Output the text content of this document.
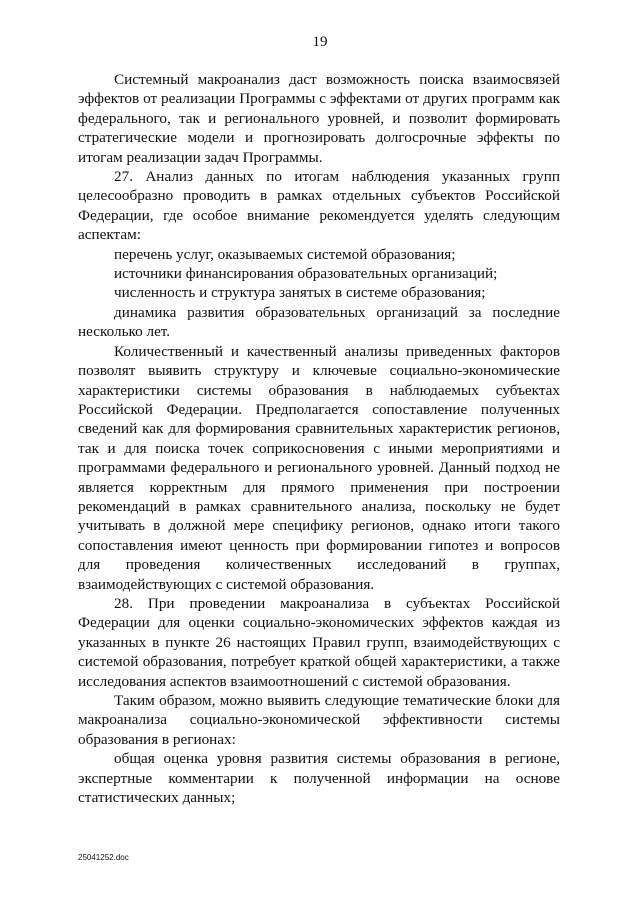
19

Системный макроанализ даст возможность поиска взаимосвязей эффектов от реализации Программы с эффектами от других программ как федерального, так и регионального уровней, и позволит формировать стратегические модели и прогнозировать долгосрочные эффекты по итогам реализации задач Программы.

27. Анализ данных по итогам наблюдения указанных групп целесообразно проводить в рамках отдельных субъектов Российской Федерации, где особое внимание рекомендуется уделять следующим аспектам:

перечень услуг, оказываемых системой образования;

источники финансирования образовательных организаций;

численность и структура занятых в системе образования;

динамика развития образовательных организаций за последние несколько лет.

Количественный и качественный анализы приведенных факторов позволят выявить структуру и ключевые социально-экономические характеристики системы образования в наблюдаемых субъектах Российской Федерации. Предполагается сопоставление полученных сведений как для формирования сравнительных характеристик регионов, так и для поиска точек соприкосновения с иными мероприятиями и программами федерального и регионального уровней. Данный подход не является корректным для прямого применения при построении рекомендаций в рамках сравнительного анализа, поскольку не будет учитывать в должной мере специфику регионов, однако итоги такого сопоставления имеют ценность при формировании гипотез и вопросов для проведения количественных исследований в группах, взаимодействующих с системой образования.

28. При проведении макроанализа в субъектах Российской Федерации для оценки социально-экономических эффектов каждая из указанных в пункте 26 настоящих Правил групп, взаимодействующих с системой образования, потребует краткой общей характеристики, а также исследования аспектов взаимоотношений с системой образования.

Таким образом, можно выявить следующие тематические блоки для макроанализа социально-экономической эффективности системы образования в регионах:

общая оценка уровня развития системы образования в регионе, экспертные комментарии к полученной информации на основе статистических данных;

25041252.doc
